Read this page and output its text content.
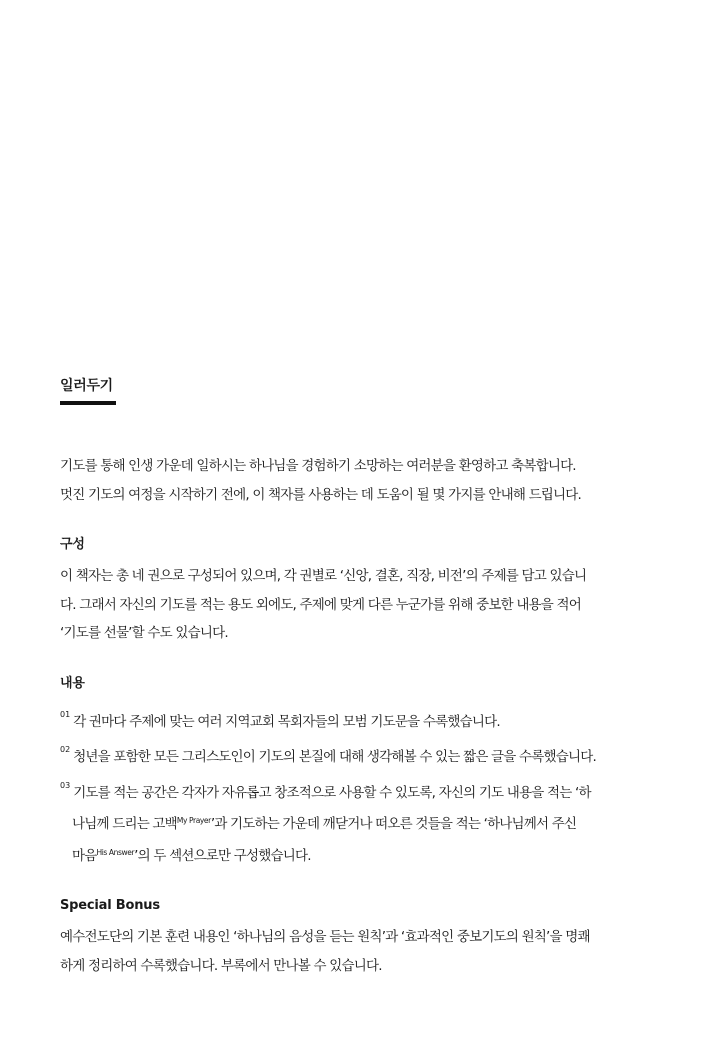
일러두기

기도를 통해 인생 가운데 일하시는 하나님을 경험하기 소망하는 여러분을 환영하고 축복합니다.

멋진 기도의 여정을 시작하기 전에, 이 책자를 사용하는 데 도움이 될 몇 가지를 안내해 드립니다.

구성

이 책자는 총 네 권으로 구성되어 있으며, 각 권별로 ‘신앙, 결혼, 직장, 비전’의 주제를 담고 있습니

다. 그래서 자신의 기도를 적는 용도 외에도, 주제에 맞게 다른 누군가를 위해 중보한 내용을 적어

‘기도를 선물’할 수도 있습니다.

내용
$^{01}$ 각 권마다 주제에 맞는 여러 지역교회 목회자들의 모범 기도문을 수록했습니다.
$^{02}$ 청년을 포함한 모든 그리스도인이 기도의 본질에 대해 생각해볼 수 있는 짧은 글을 수록했습니다.
$^{03}$ 기도를 적는 공간은 각자가 자유롭고 창조적으로 사용할 수 있도록, 자신의 기도 내용을 적는 ‘하
나님께 드리는 고백$^{My Prayer}$’과 기도하는 가운데 깨닫거나 떠오른 것들을 적는 ‘하나님께서 주신
마음$^{His Answer}$’의 두 섹션으로만 구성했습니다.
Special Bonus

예수전도단의 기본 훈련 내용인 ‘하나님의 음성을 듣는 원칙’과 ‘효과적인 중보기도의 원칙’을 명쾌

하게 정리하여 수록했습니다. 부록에서 만나볼 수 있습니다.
